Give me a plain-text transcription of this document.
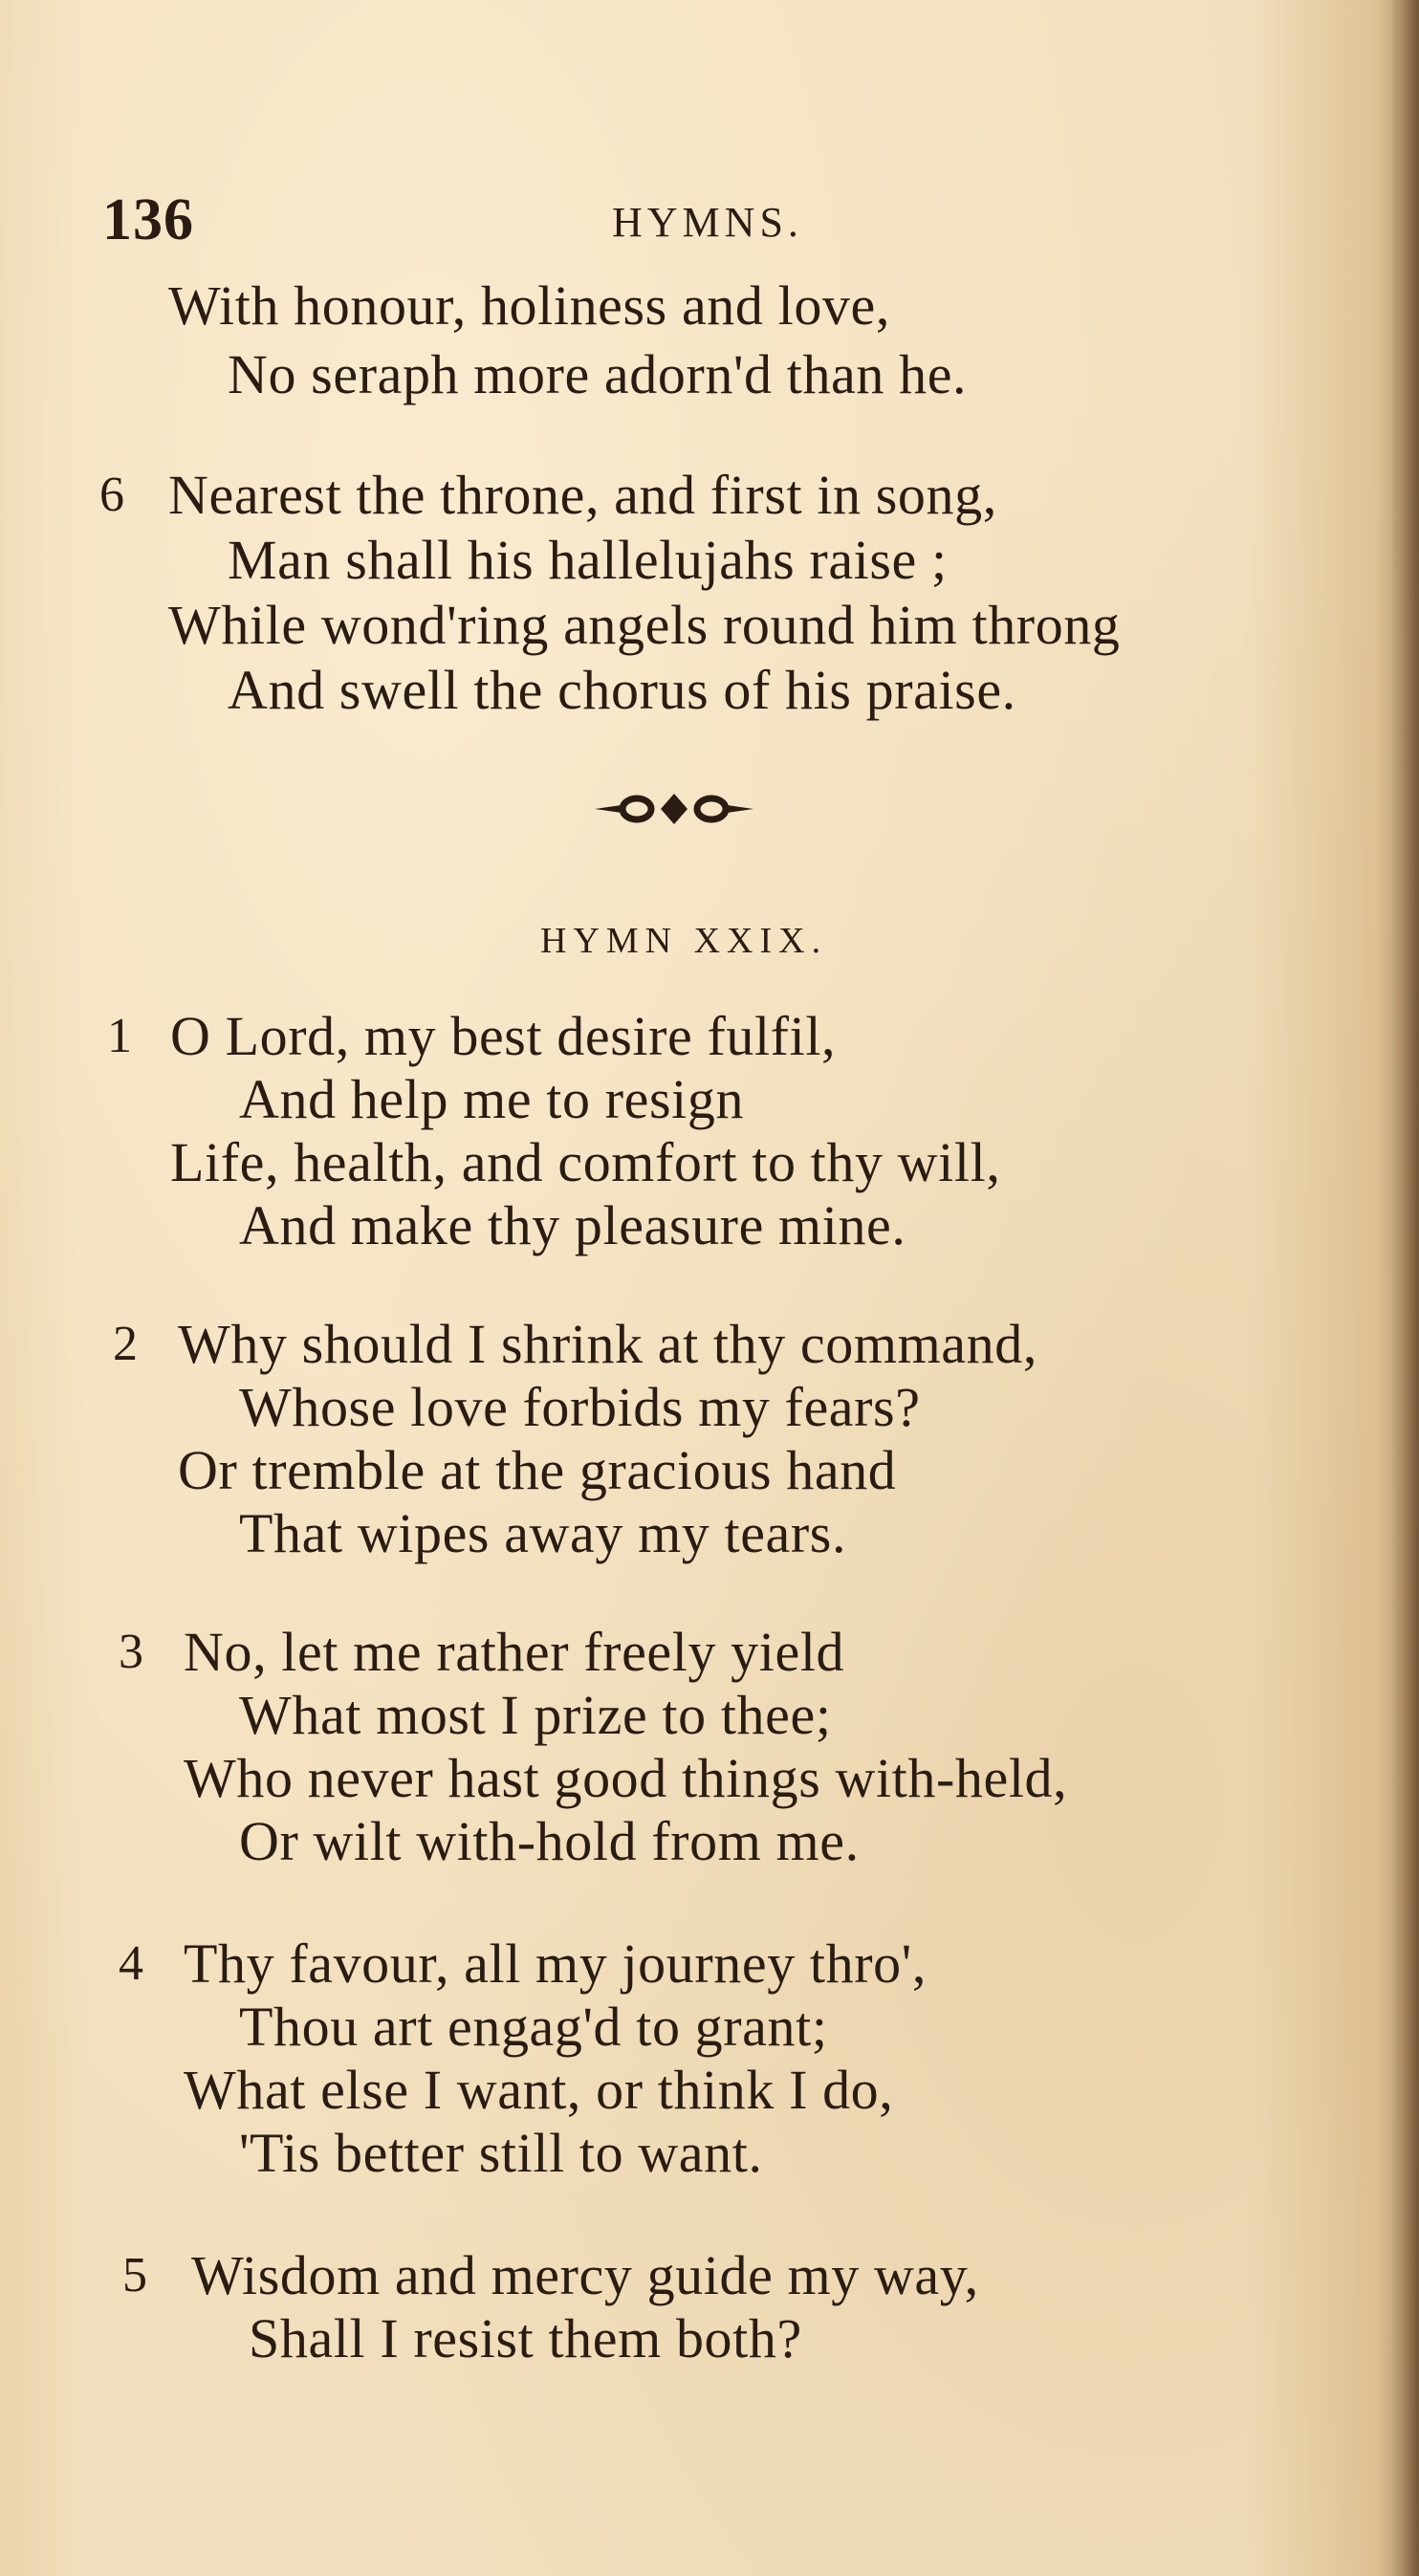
136	HYMNS.
With honour, holiness and love,
No seraph more adorn'd than he.
6 Nearest the throne, and first in song,
Man shall his hallelujahs raise ;
While wond'ring angels round him throng
And swell the chorus of his praise.
HYMN XXIX.
1 O Lord, my best desire fulfil,
And help me to resign
Life, health, and comfort to thy will,
And make thy pleasure mine.
2 Why should I shrink at thy command,
Whose love forbids my fears?
Or tremble at the gracious hand
That wipes away my tears.
3 No, let me rather freely yield
What most I prize to thee;
Who never hast good things with-held,
Or wilt with-hold from me.
4 Thy favour, all my journey thro',
Thou art engag'd to grant;
What else I want, or think I do,
'Tis better still to want.
5 Wisdom and mercy guide my way,
Shall I resist them both?
